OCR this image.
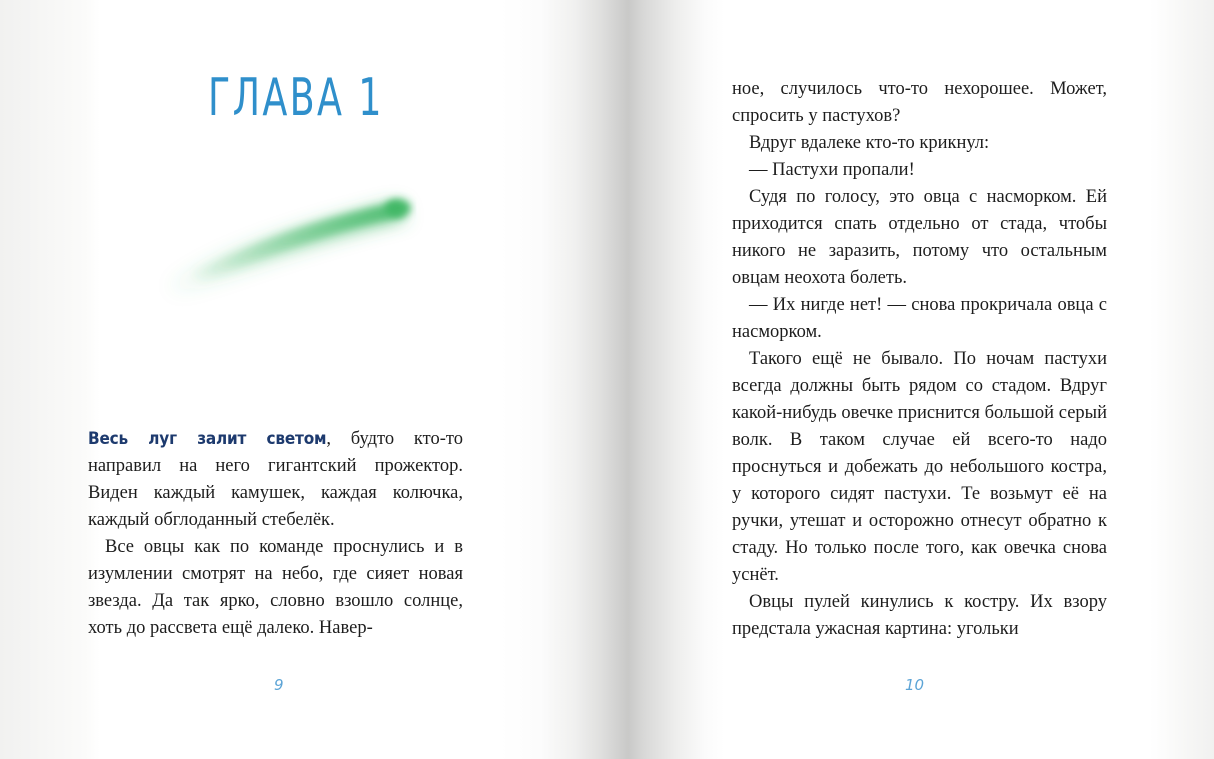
ГЛАВА 1

Весь луг залит светом, будто кто-то направил на него гигантский прожектор. Виден каждый камушек, каждая колючка, каждый обглоданный стебелёк.

Все овцы как по команде проснулись и в изумлении смотрят на небо, где сияет новая звезда. Да так ярко, словно взошло солнце, хоть до рассвета ещё далеко. Навер-

9

ное, случилось что-то нехорошее. Может, спросить у пастухов?

Вдруг вдалеке кто-то крикнул:

— Пастухи пропали!

Судя по голосу, это овца с насморком. Ей приходится спать отдельно от стада, чтобы никого не заразить, потому что остальным овцам неохота болеть.

— Их нигде нет! — снова прокричала овца с насморком.

Такого ещё не бывало. По ночам пастухи всегда должны быть рядом со стадом. Вдруг какой-нибудь овечке приснится большой серый волк. В таком случае ей всего-то надо проснуться и добежать до небольшого костра, у которого сидят пастухи. Те возьмут её на ручки, утешат и осторожно отнесут обратно к стаду. Но только после того, как овечка снова уснёт.

Овцы пулей кинулись к костру. Их взору предстала ужасная картина: угольки

10
